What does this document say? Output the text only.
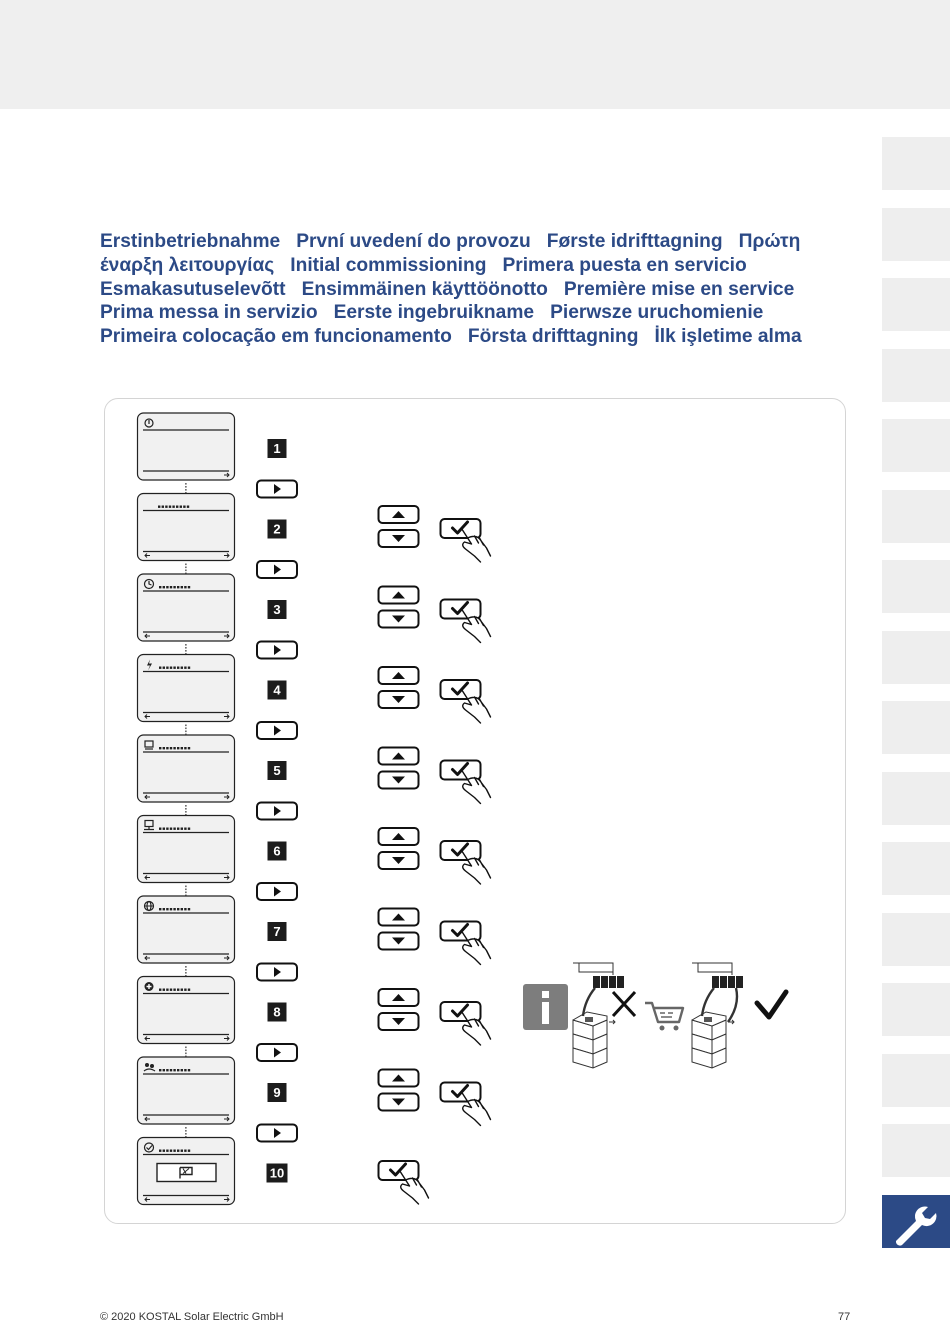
Erstinbetriebnahme První uvedení do provozu Første idrifttagning Πρώτη έναρξη λειτουργίας Initial commissioning Primera puesta en servicio   Esmakasutuselevõtt Ensimmäinen käyttöönotto Première mise en service   Prima messa in servizio Eerste ingebruikname Pierwsze uruchomienie   Primeira colocação em funcionamento Första drifttagning İlk işletime alma
1
2
3
4
5
6
7
8
9
10
© 2020 KOSTAL Solar Electric GmbH	77
